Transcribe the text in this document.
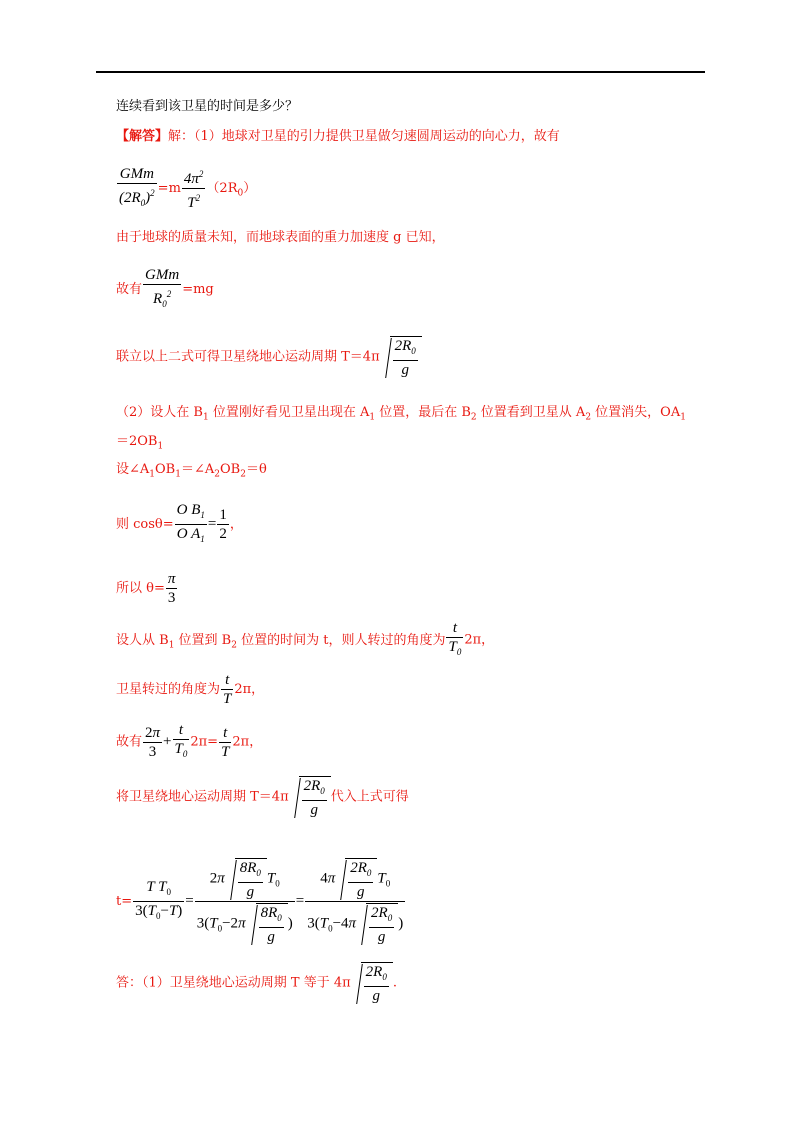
连续看到该卫星的时间是多少？
【解答】解：（1）地球对卫星的引力提供卫星做匀速圆周运动的向心力，故有
$\frac{\text{GMm}}{(2R_0)^2} =m \frac{4\pi^2}{T^2} (2R_0)$
由于地球的质量未知，而地球表面的重力加速度 g 已知，
故有 $\frac{\text{GMm}}{R_0^2} =mg$
联立以上二式可得卫星绕地心运动周期 $T=4\pi \frac{2R_0}{g}$
（2）设人在 $B_1$ 位置刚好看见卫星出现在 $A_1$ 位置，最后在 $B_2$ 位置看到卫星从 $A_2$ 位置消失，$OA_1$
$=2OB_1$
设$\angle A_1OB_1=\angle A_2OB_2=\theta$
则 $\cos\theta= \frac{O B_1}{O A_1} = \frac{1}{2}$ ，
所以 $\theta= \frac{\pi}{3}$
设人从 $B_1$ 位置到 $B_2$ 位置的时间为 t，则人转过的角度为 $\frac{t}{T_0} 2\pi$，
卫星转过的角度为 $\frac{t}{T} 2\pi$，
故有 $\frac{2\pi}{3} + \frac{t}{T_0} 2\pi= \frac{t}{T} 2\pi$，
将卫星绕地心运动周期 $T=4\pi \frac{2R_0}{g}$ 代入上式可得
$t= \frac{T T_0}{3(T_0-T)} = \frac{2\pi \frac{8R_0}{g} T_0}{3(T_0-2\pi \frac{8R_0}{g} )} = \frac{4\pi \frac{2R_0}{g} T_0}{3(T_0-4\pi \frac{2R_0}{g} )}$
答：（1）卫星绕地心运动周期 T 等于 $4\pi \frac{2R_0}{g}$ .
